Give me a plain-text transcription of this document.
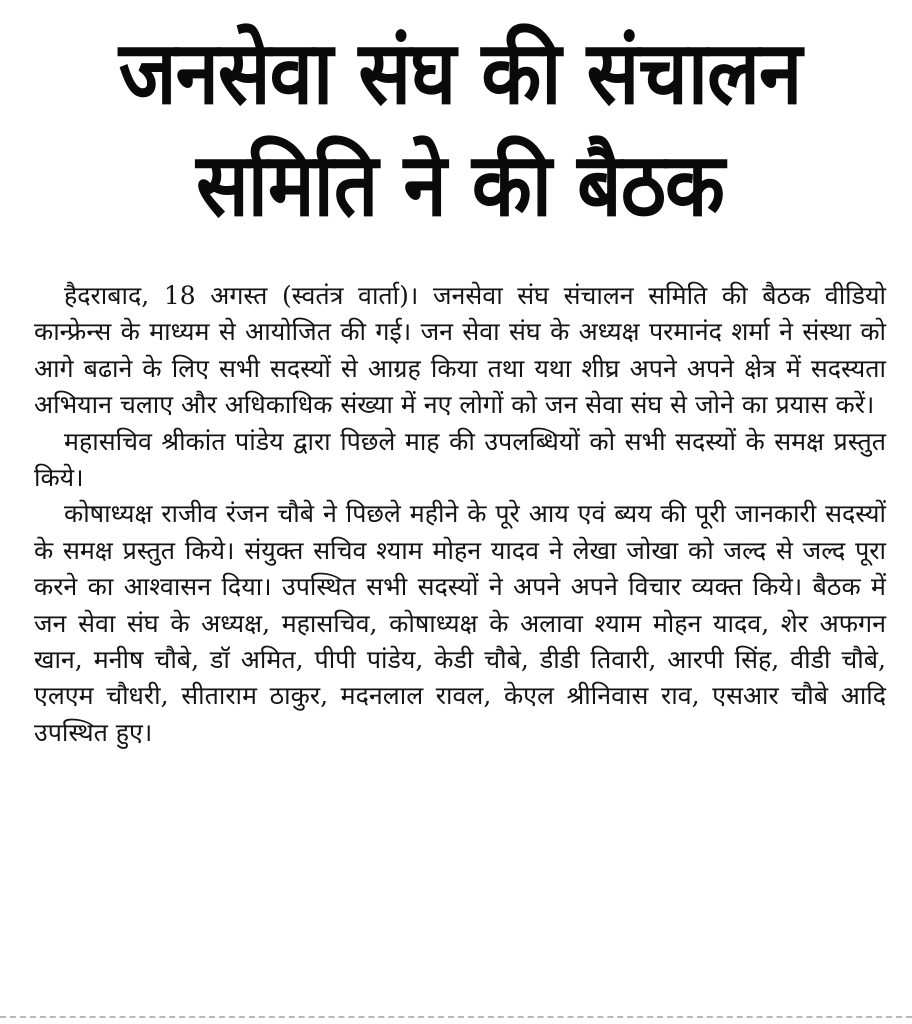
जनसेवा संघ की संचालन
समिति ने की बैठक

हैदराबाद, 18 अगस्त (स्वतंत्र वार्ता)। जनसेवा संघ संचालन समिति की बैठक वीडियो कान्फ्रेन्स के माध्यम से आयोजित की गई। जन सेवा संघ के अध्यक्ष परमानंद शर्मा ने संस्था को आगे बढाने के लिए सभी सदस्यों से आग्रह किया तथा यथा शीघ्र अपने अपने क्षेत्र में सदस्यता अभियान चलाए और अधिकाधिक संख्या में नए लोगों को जन सेवा संघ से जोने का प्रयास करें।

महासचिव श्रीकांत पांडेय द्वारा पिछले माह की उपलब्धियों को सभी सदस्यों के समक्ष प्रस्तुत किये।

कोषाध्यक्ष राजीव रंजन चौबे ने पिछले महीने के पूरे आय एवं ब्यय की पूरी जानकारी सदस्यों के समक्ष प्रस्तुत किये। संयुक्त सचिव श्याम मोहन यादव ने लेखा जोखा को जल्द से जल्द पूरा करने का आश्वासन दिया। उपस्थित सभी सदस्यों ने अपने अपने विचार व्यक्त किये। बैठक में जन सेवा संघ के अध्यक्ष, महासचिव, कोषाध्यक्ष के अलावा श्याम मोहन यादव, शेर अफगन खान, मनीष चौबे, डॉ अमित, पीपी पांडेय, केडी चौबे, डीडी तिवारी, आरपी सिंह, वीडी चौबे, एलएम चौधरी, सीताराम ठाकुर, मदनलाल रावल, केएल श्रीनिवास राव, एसआर चौबे आदि उपस्थित हुए।
